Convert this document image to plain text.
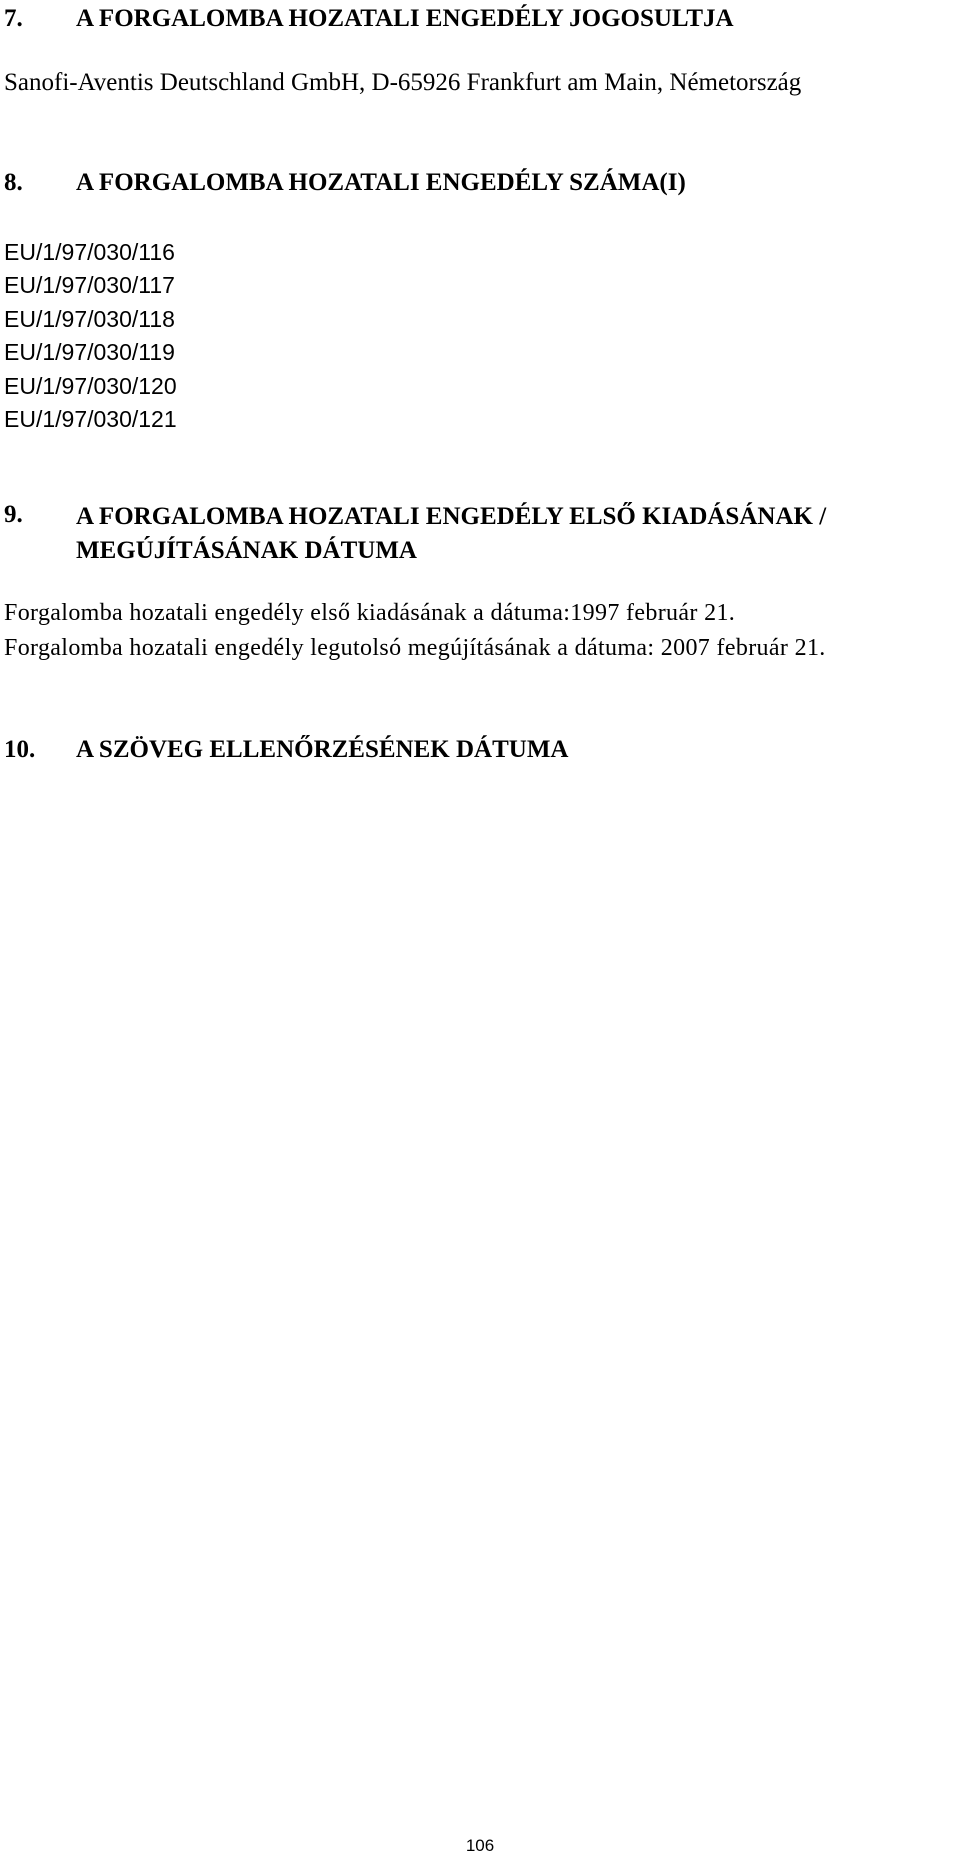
7. A FORGALOMBA HOZATALI ENGEDÉLY JOGOSULTJA
Sanofi-Aventis Deutschland GmbH, D-65926 Frankfurt am Main, Németország
8. A FORGALOMBA HOZATALI ENGEDÉLY SZÁMA(I)
EU/1/97/030/116
EU/1/97/030/117
EU/1/97/030/118
EU/1/97/030/119
EU/1/97/030/120
EU/1/97/030/121
9. A FORGALOMBA HOZATALI ENGEDÉLY ELSŐ KIADÁSÁNAK / MEGÚJÍTÁSÁNAK DÁTUMA
Forgalomba hozatali engedély első kiadásának a dátuma:1997 február 21.
Forgalomba hozatali engedély legutolsó megújításának a dátuma: 2007 február 21.
10. A SZÖVEG ELLENŐRZÉSÉNEK DÁTUMA
106
